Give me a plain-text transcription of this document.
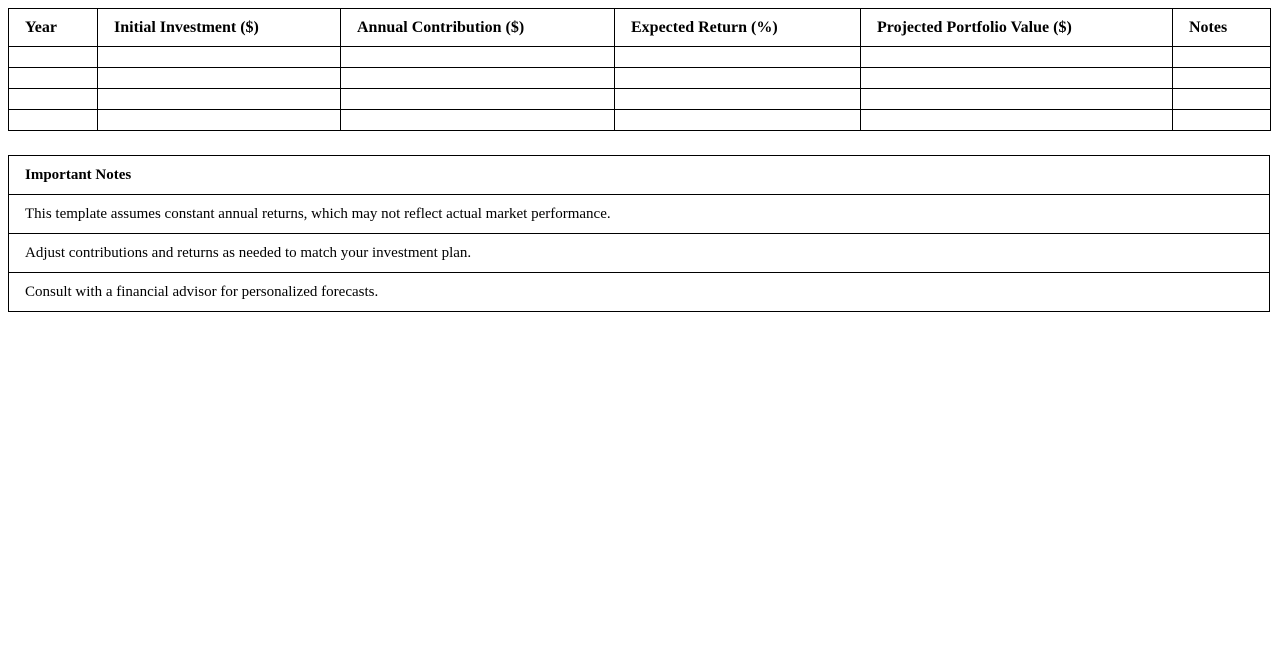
Year	Initial Investment ($)	Annual Contribution ($)	Expected Return (%)	Projected Portfolio Value ($)	Notes

Important Notes
This template assumes constant annual returns, which may not reflect actual market performance.
Adjust contributions and returns as needed to match your investment plan.
Consult with a financial advisor for personalized forecasts.
